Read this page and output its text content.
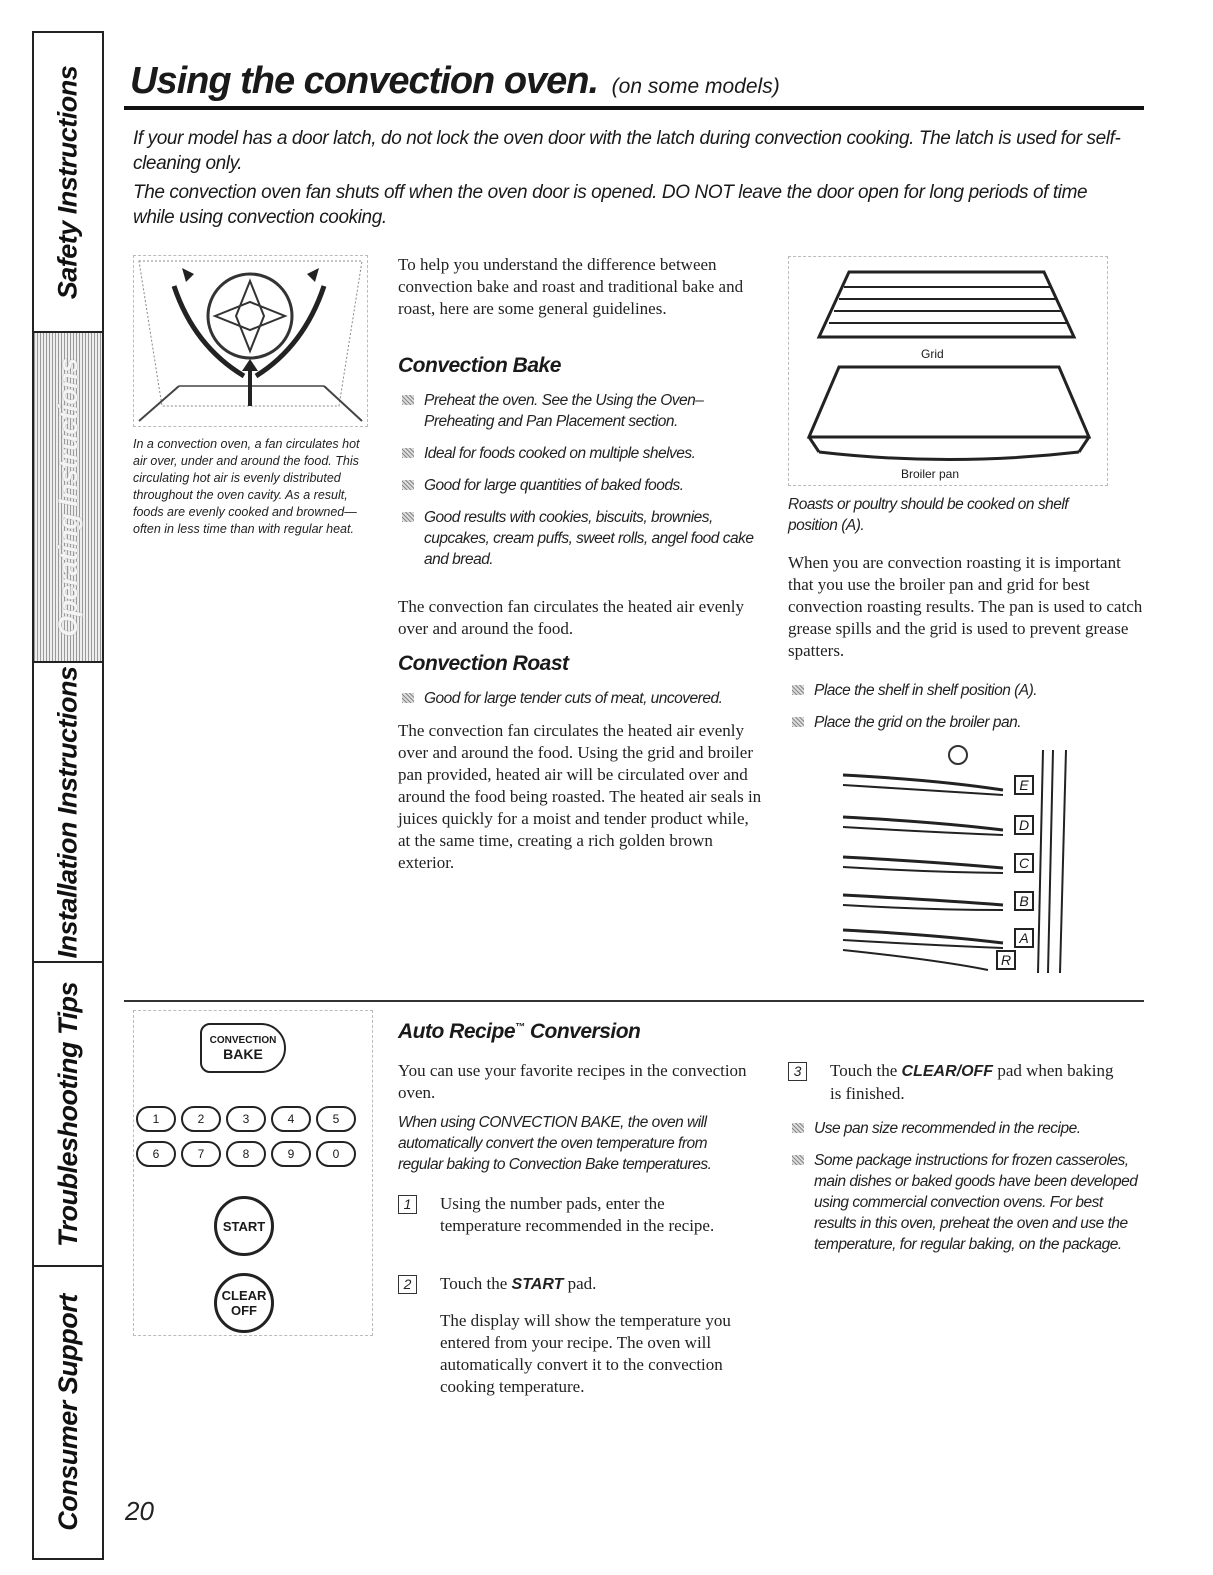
Safety Instructions
Operating Instructions
Installation Instructions
Troubleshooting Tips
Consumer Support
Using the convection oven. (on some models)

If your model has a door latch, do not lock the oven door with the latch during convection cooking. The latch is used for self-cleaning only.

The convection oven fan shuts off when the oven door is opened. DO NOT leave the door open for long periods of time while using convection cooking.

In a convection oven, a fan circulates hot air over, under and around the food. This circulating hot air is evenly distributed throughout the oven cavity. As a result, foods are evenly cooked and browned—often in less time than with regular heat.

To help you understand the difference between convection bake and roast and traditional bake and roast, here are some general guidelines.

Convection Bake
Preheat the oven. See the Using the Oven–Preheating and Pan Placement section.
Ideal for foods cooked on multiple shelves.
Good for large quantities of baked foods.
Good results with cookies, biscuits, brownies, cupcakes, cream puffs, sweet rolls, angel food cake and bread.

The convection fan circulates the heated air evenly over and around the food.

Convection Roast
Good for large tender cuts of meat, uncovered.

The convection fan circulates the heated air evenly over and around the food. Using the grid and broiler pan provided, heated air will be circulated over and around the food being roasted. The heated air seals in juices quickly for a moist and tender product while, at the same time, creating a rich golden brown exterior.

Grid
Broiler pan

Roasts or poultry should be cooked on shelf position (A).

When you are convection roasting it is important that you use the broiler pan and grid for best convection roasting results. The pan is used to catch grease spills and the grid is used to prevent grease spatters.

Place the shelf in shelf position (A).
Place the grid on the broiler pan.
E
D
C
B
A
R
CONVECTION
BAKE
1	2	3	4	5
6	7	8	9	0
START
CLEAR
OFF
Auto Recipe™ Conversion

You can use your favorite recipes in the convection oven.

When using CONVECTION BAKE, the oven will automatically convert the oven temperature from regular baking to Convection Bake temperatures.

1	Using the number pads, enter the temperature recommended in the recipe.
2	Touch the START pad.

The display will show the temperature you entered from your recipe. The oven will automatically convert it to the convection cooking temperature.

3	Touch the CLEAR/OFF pad when baking is finished.
Use pan size recommended in the recipe.
Some package instructions for frozen casseroles, main dishes or baked goods have been developed using commercial convection ovens. For best results in this oven, preheat the oven and use the temperature, for regular baking, on the package.
20
